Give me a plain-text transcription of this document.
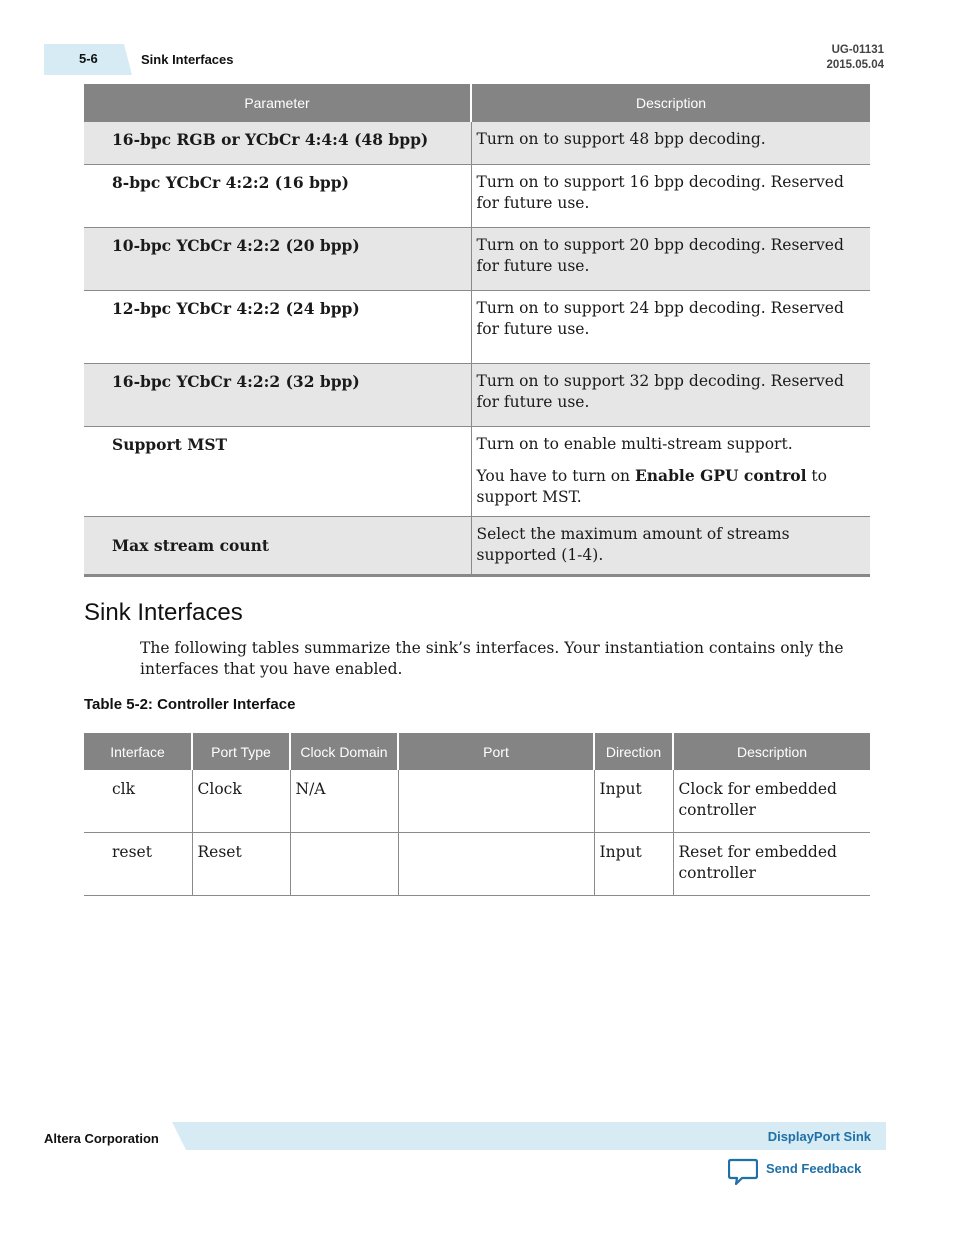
5-6	Sink Interfaces
UG-01131
2015.05.04
Parameter	Description
16-bpc RGB or YCbCr 4:4:4 (48 bpp)	Turn on to support 48 bpp decoding.
8-bpc YCbCr 4:2:2 (16 bpp)	Turn on to support 16 bpp decoding. Reserved for future use.
10-bpc YCbCr 4:2:2 (20 bpp)	Turn on to support 20 bpp decoding. Reserved for future use.
12-bpc YCbCr 4:2:2 (24 bpp)	Turn on to support 24 bpp decoding. Reserved for future use.
16-bpc YCbCr 4:2:2 (32 bpp)	Turn on to support 32 bpp decoding. Reserved for future use.
Support MST	Turn on to enable multi-stream support.

You have to turn on Enable GPU control to support MST.

Max stream count	Select the maximum amount of streams supported (1-4).
Sink Interfaces

The following tables summarize the sink’s interfaces. Your instantiation contains only the interfaces that you have enabled.

Table 5-2: Controller Interface

Interface	Port Type	Clock Domain	Port	Direction	Description
clk	Clock	N/A		Input	Clock for embedded controller
reset	Reset			Input	Reset for embedded controller
Altera Corporation	DisplayPort Sink
Send Feedback
